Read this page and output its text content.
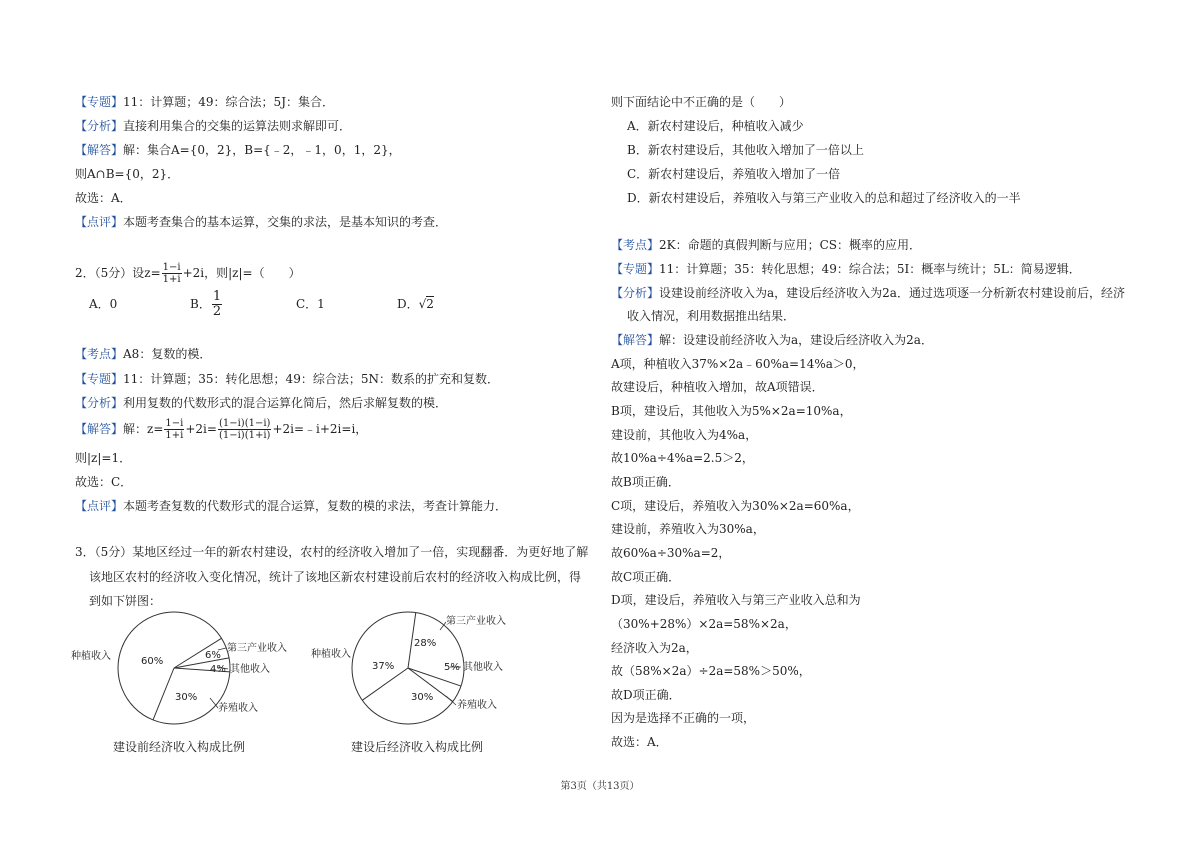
【专题】11：计算题；49：综合法；5J：集合．
【分析】直接利用集合的交集的运算法则求解即可．
【解答】解：集合A={0，2}，B={﹣2，﹣1，0，1，2}，
则A∩B={0，2}．
故选：A．
【点评】本题考查集合的基本运算，交集的求法，是基本知识的考查．
2．（5分）设$z= \frac{1-i}{1+i} +2i$，则|z|=（　　）
A．0	B． $\frac{1}{2}$	C．1	D．√2
【考点】A8：复数的模．
【专题】11：计算题；35：转化思想；49：综合法；5N：数系的扩充和复数．
【分析】利用复数的代数形式的混合运算化简后，然后求解复数的模．
【解答】解：$z= \frac{1-i}{1+i} +2i= \frac{(1-i)(1-i)}{(1-i)(1+i)}$ +2i=﹣i+2i=i，
则|z|=1．
故选：C．
【点评】本题考查复数的代数形式的混合运算，复数的模的求法，考查计算能力．
3．（5分）某地区经过一年的新农村建设，农村的经济收入增加了一倍，实现翻番．为更好地了解
该地区农村的经济收入变化情况，统计了该地区新农村建设前后农村的经济收入构成比例，得
到如下饼图：
种植收入
第三产业收入
其他收入
养殖收入
60%
6%
4%
30%
建设前经济收入构成比例
种植收入
第三产业收入
其他收入
养殖收入
37%
28%
5%
30%
建设后经济收入构成比例
则下面结论中不正确的是（　　）
A．新农村建设后，种植收入减少
B．新农村建设后，其他收入增加了一倍以上
C．新农村建设后，养殖收入增加了一倍
D．新农村建设后，养殖收入与第三产业收入的总和超过了经济收入的一半
【考点】2K：命题的真假判断与应用；CS：概率的应用．
【专题】11：计算题；35：转化思想；49：综合法；5I：概率与统计；5L：简易逻辑．
【分析】设建设前经济收入为a，建设后经济收入为2a．通过选项逐一分析新农村建设前后，经济
收入情况，利用数据推出结果．
【解答】解：设建设前经济收入为a，建设后经济收入为2a．
A项，种植收入37%×2a﹣60%a=14%a＞0，
故建设后，种植收入增加，故A项错误．
B项，建设后，其他收入为5%×2a=10%a，
建设前，其他收入为4%a，
故10%a÷4%a=2.5＞2，
故B项正确．
C项，建设后，养殖收入为30%×2a=60%a，
建设前，养殖收入为30%a，
故60%a÷30%a=2，
故C项正确．
D项，建设后，养殖收入与第三产业收入总和为
（30%+28%）×2a=58%×2a，
经济收入为2a，
故（58%×2a）÷2a=58%＞50%，
故D项正确．
因为是选择不正确的一项，
故选：A．
第3页（共13页）
